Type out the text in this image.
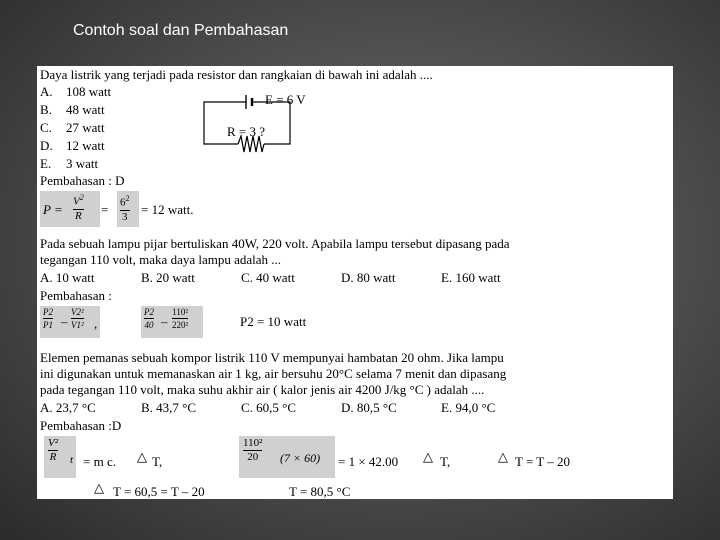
Contoh soal dan Pembahasan
Daya listrik yang terjadi pada resistor dan rangkaian di bawah ini adalah ....
A. 108 watt
B. 48 watt
C. 27 watt
D. 12 watt
E. 3 watt
E = 6 V
R = 3 ?
Pembahasan : D
P =
$V^2$
$R = 6^2$
3 = 12 watt.
Pada sebuah lampu pijar bertuliskan 40W, 220 volt. Apabila lampu tersebut dipasang pada
tegangan 110 volt, maka daya lampu adalah ...
A. 10 watt	B. 20 watt	C. 40 watt	D. 80 watt	E. 160 watt
Pembahasan :
P2
P1 –
V2²
V1² ,
P2
40 –
110²
220²	P2 = 10 watt
Elemen pemanas sebuah kompor listrik 110 V mempunyai hambatan 20 ohm. Jika lampu
ini digunakan untuk memanaskan air 1 kg, air bersuhu 20°C selama 7 menit dan dipasang
pada tegangan 110 volt, maka suhu akhir air ( kalor jenis air 4200 J/kg °C ) adalah ....
A. 23,7 °C	B. 43,7 °C	C. 60,5 °C	D. 80,5 °C	E. 94,0 °C
Pembahasan :D
V²
R t = m c. △ T,
110²
20 (7 × 60) = 1 × 42.00 △ T,	△ T = T – 20
△ T = 60,5 = T – 20	T = 80,5 °C
